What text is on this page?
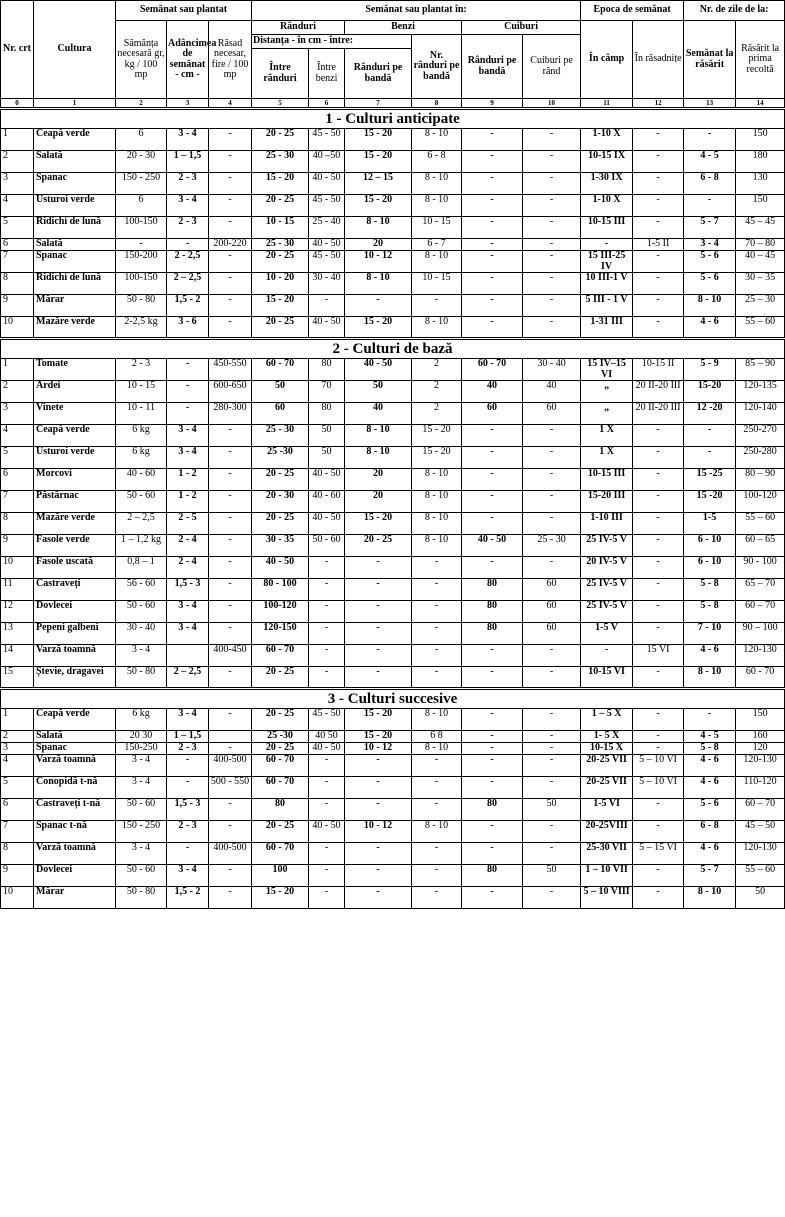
Nr. crt	Cultura	Semănat sau plantat			Semănat sau plantat în:						Epoca de semănat		Nr. de zile de la:	
		Sămânța necesară gr, kg / 100 mp	Adâncimea de semănat - cm -	Răsad necesar, fire / 100 mp	Rânduri		Benzi		Cuiburi		În câmp	În răsadnițe	Semănat la răsărit	Răsărit la prima recoltă
					Distanța - în cm - între:			Nr. rânduri pe bandă	Rânduri pe bandă	Cuiburi pe rând				
					Între rânduri	Între benzi	Rânduri pe bandă							
0	1	2	3	4	5	6	7	8	9	10	11	12	13	14
1 - Culturi anticipate														
1	Ceapă verde	6	3 - 4	-	20 - 25	45 - 50	15 - 20	8 - 10	-	-	1-10 X	-	-	150
2	Salată	20 - 30	1 – 1,5	-	25 - 30	40 –50	15 - 20	6 - 8	-	-	10-15 IX	-	4 - 5	180
3	Spanac	150 - 250	2 - 3	-	15 - 20	40 - 50	12 – 15	8 - 10	-	-	1-30 IX	-	6 - 8	130
4	Usturoi verde	6	3 - 4	-	20 - 25	45 - 50	15 - 20	8 - 10	-	-	1-10 X	-	-	150
5	Ridichi de lună	100-150	2 - 3	-	10 - 15	25 - 40	8 - 10	10 - 15	-	-	10-15 III	-	5 - 7	45 – 45
6	Salată	-	-	200-220	25 - 30	40 - 50	20	6 - 7	-	-	-	1-5 II	3 - 4	70 – 80
7	Spanac	150-200	2 - 2,5	-	20 - 25	45 - 50	10 - 12	8 - 10	-	-	15 III-25 IV	-	5 - 6	40 – 45
8	Ridichi de lună	100-150	2 – 2,5	-	10 - 20	30 - 40	8 - 10	10 - 15	-	-	10 III-1 V	-	5 - 6	30 – 35
9	Mărar	50 - 80	1,5 - 2	-	15 - 20	-	-	-	-	-	5 III - 1 V	-	8 - 10	25 – 30
10	Mazăre verde	2-2,5 kg	3 - 6	-	20 - 25	40 - 50	15 - 20	8 - 10	-	-	1-31 III	-	4 - 6	55 – 60
2 - Culturi de bază														
1	Tomate	2 - 3	-	450-550	60 - 70	80	40 - 50	2	60 - 70	30 - 40	15 IV–15 VI	10-15 II	5 - 9	85 – 90
2	Ardei	10 - 15	-	600-650	50	70	50	2	40	40	„	20 II-20 III	15-20	120-135
3	Vinete	10 - 11	-	280-300	60	80	40	2	60	60	„	20 II-20 III	12 -20	120-140
4	Ceapă verde	6 kg	3 - 4	-	25 - 30	50	8 - 10	15 - 20	-	-	1 X	-	-	250-270
5	Usturoi verde	6 kg	3 - 4	-	25 -30	50	8 - 10	15 - 20	-	-	1 X	-	-	250-280
6	Morcovi	40 - 60	1 - 2	-	20 - 25	40 - 50	20	8 - 10	-	-	10-15 III	-	15 -25	80 – 90
7	Păstârnac	50 - 60	1 - 2	-	20 - 30	40 - 60	20	8 - 10	-	-	15-20 III	-	15 -20	100-120
8	Mazăre verde	2 – 2,5	2 - 5	-	20 - 25	40 - 50	15 - 20	8 - 10	-	-	1-10 III	-	1-5	55 – 60
9	Fasole verde	1 – 1,2 kg	2 - 4	-	30 - 35	50 - 60	20 - 25	8 - 10	40 - 50	25 - 30	25 IV-5 V	-	6 - 10	60 – 65
10	Fasole uscată	0,8 – 1	2 - 4	-	40 - 50	-	-	-	-	-	20 IV-5 V	-	6 - 10	90 - 100
11	Castraveți	56 - 60	1,5 - 3	-	80 - 100	-	-	-	80	60	25 IV-5 V	-	5 - 8	65 – 70
12	Dovlecei	50 - 60	3 - 4	-	100-120	-	-	-	80	60	25 IV-5 V	-	5 - 8	60 – 70
13	Pepeni galbeni	30 - 40	3 - 4	-	120-150	-	-	-	80	60	1-5 V	-	7 - 10	90 – 100
14	Varză toamnă	3 - 4		400-450	60 - 70	-	-	-	-	-	-	15 VI	4 - 6	120-130
15	Ștevie, dragavei	50 - 80	2 – 2,5	-	20 - 25	-	-	-	-	-	10-15 VI	-	8 - 10	60 - 70
3 - Culturi succesive														
1	Ceapă verde	6 kg	3 - 4	-	20 - 25	45 - 50	15 - 20	8 - 10	-	-	1 – 5 X	-	-	150
2	Salată	20 30	1 – 1,5		25 -30	40 50	15 - 20	6 8	-	-	1- 5 X	-	4 - 5	160
3	Spanac	150-250	2 - 3	-	20 - 25	40 - 50	10 - 12	8 - 10	-	-	10-15 X	-	5 - 8	120
4	Varză toamnă	3 - 4	-	400-500	60 - 70	-	-	-	-	-	20-25 VII	5 – 10 VI	4 - 6	120-130
5	Conopidă t-nă	3 - 4	-	500 - 550	60 - 70	-	-	-	-	-	20-25 VII	5 – 10 VI	4 - 6	110-120
6	Castraveți t-nă	50 - 60	1,5 - 3	-	80	-	-	-	80	50	1-5 VI	-	5 - 6	60 – 70
7	Spanac t-nă	150 - 250	2 - 3	-	20 - 25	40 - 50	10 - 12	8 - 10	-	-	20-25VIII	-	6 - 8	45 – 50
8	Varză toamnă	3 - 4	-	400-500	60 - 70	-	-	-	-	-	25-30 VII	5 – 15 VI	4 - 6	120-130
9	Dovlecei	50 - 60	3 - 4	-	100	-	-	-	80	50	1 – 10 VII	-	5 - 7	55 – 60
10	Mărar	50 - 80	1,5 - 2	-	15 - 20	-	-	-	-	-	5 – 10 VIII	-	8 - 10	50
